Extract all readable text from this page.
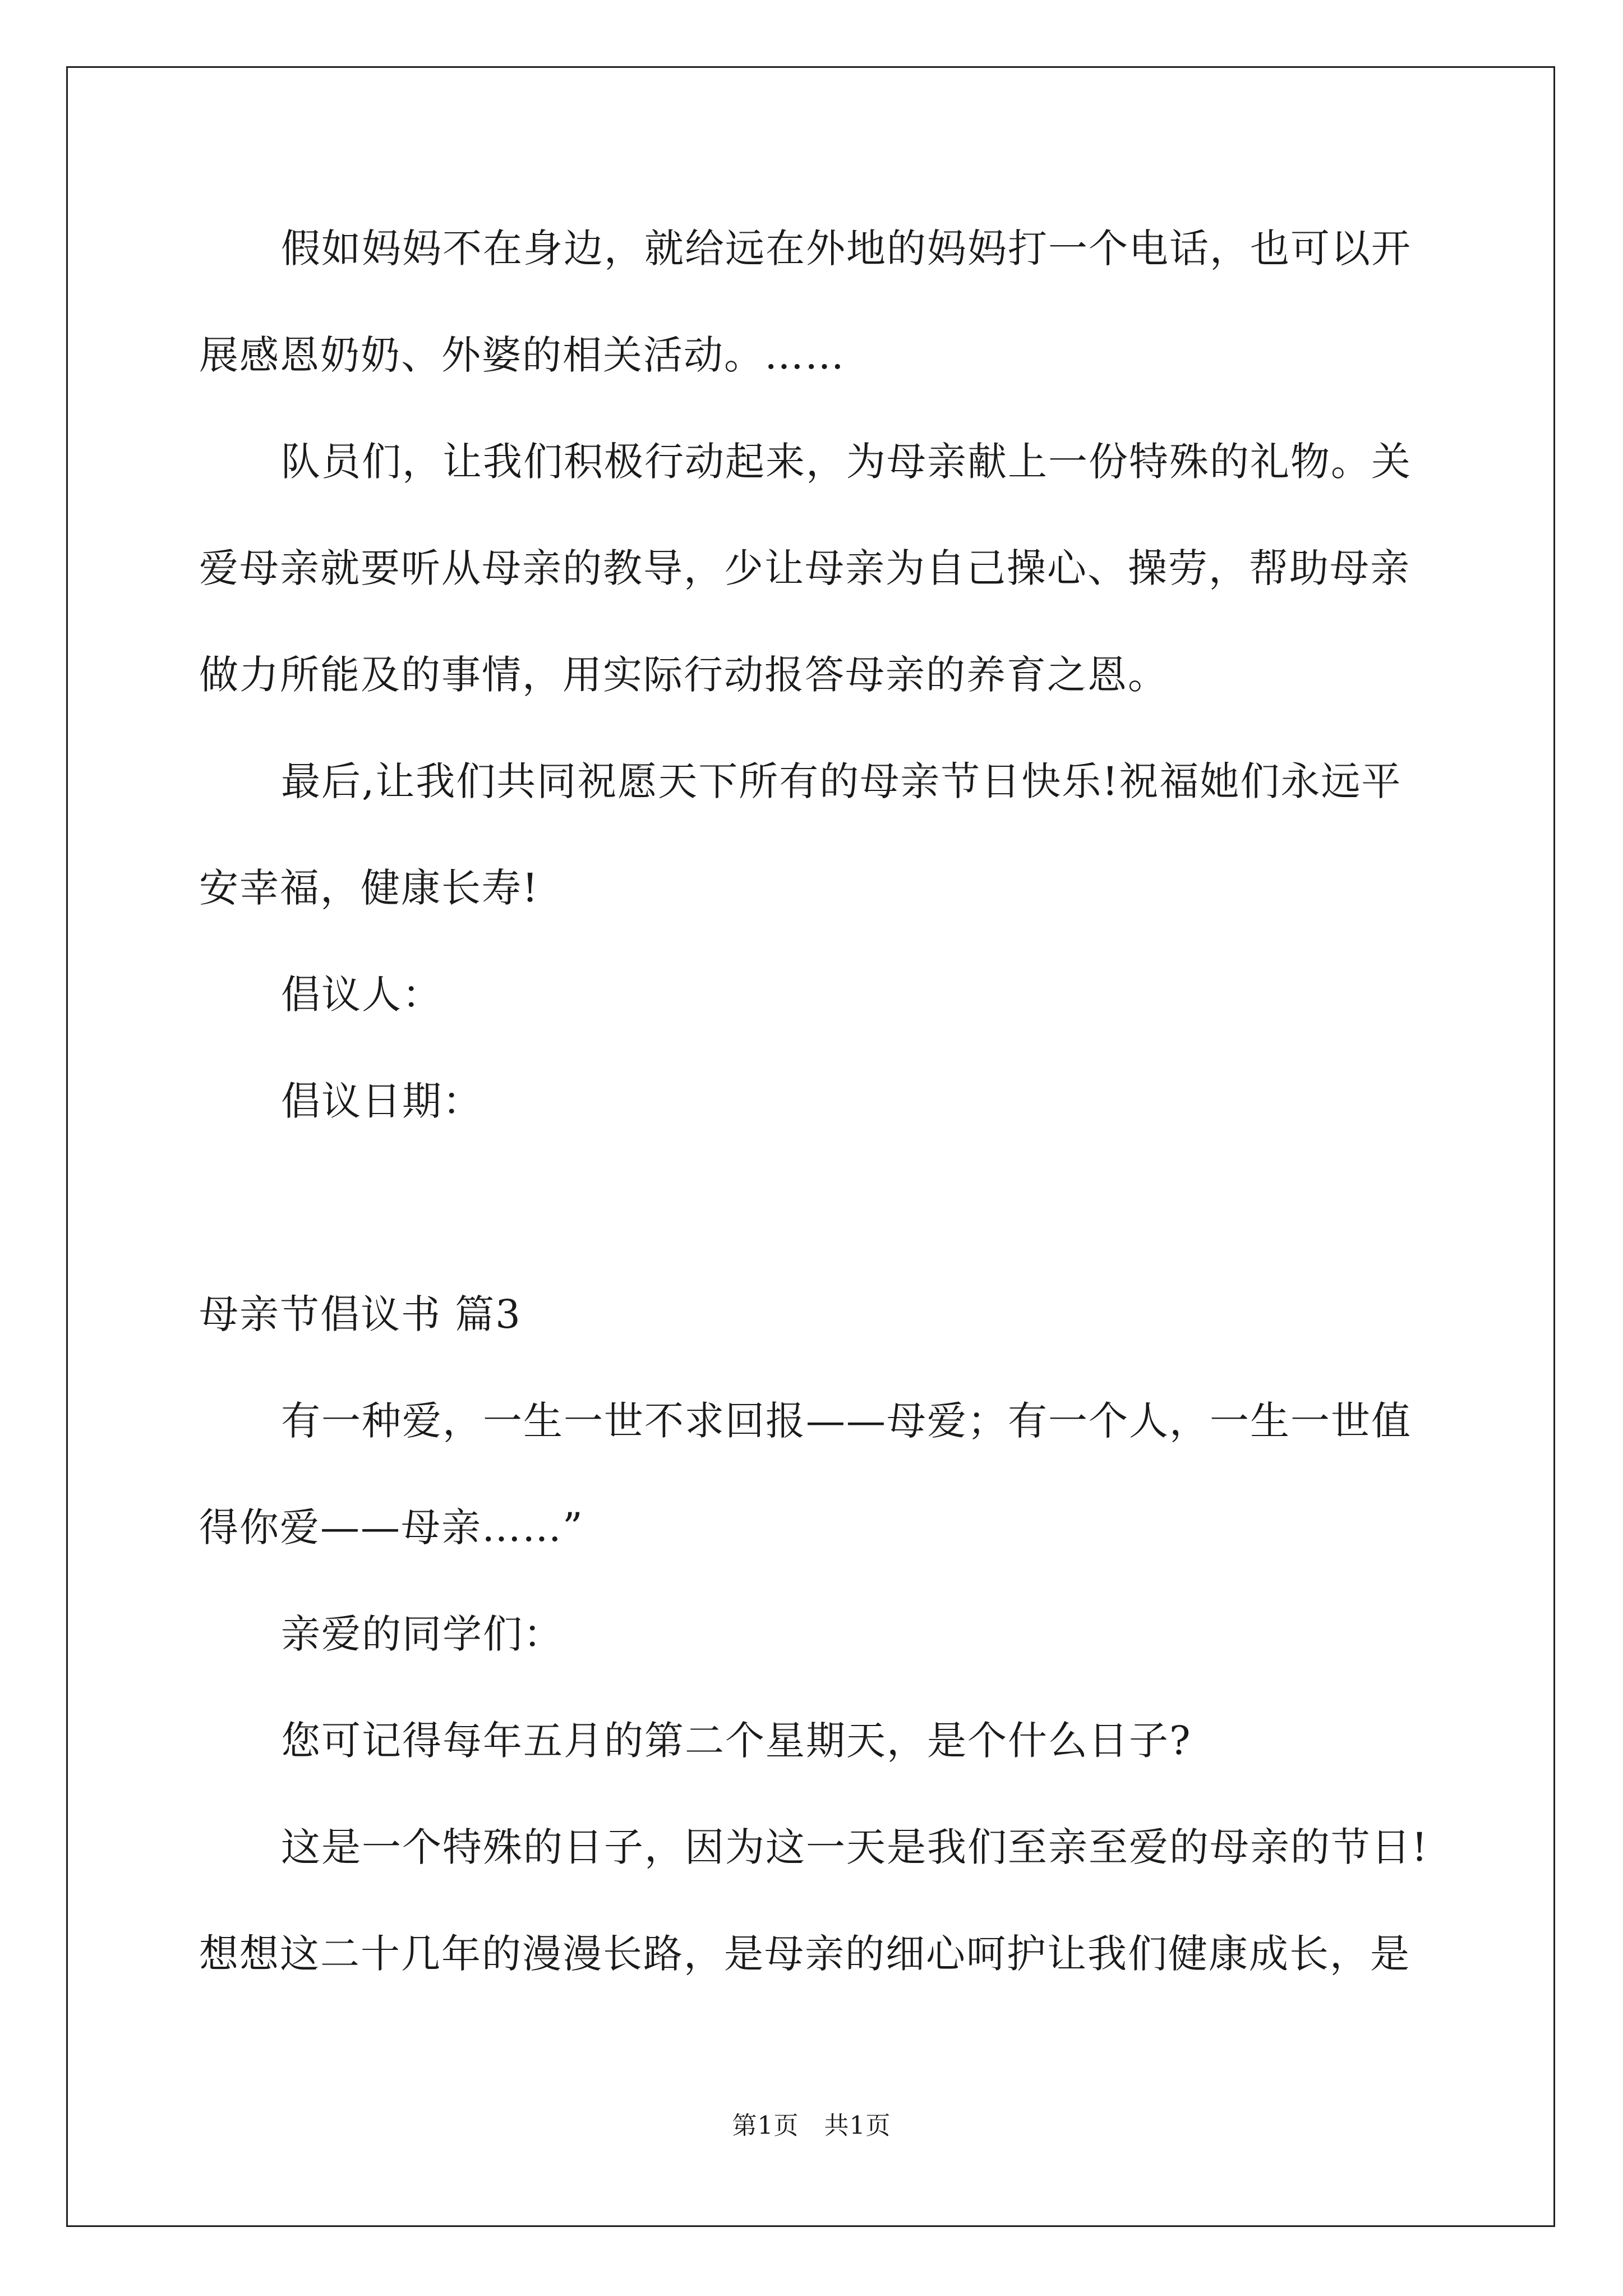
假如妈妈不在身边，就给远在外地的妈妈打一个电话，也可以开
展感恩奶奶、外婆的相关活动。……
队员们，让我们积极行动起来，为母亲献上一份特殊的礼物。关
爱母亲就要听从母亲的教导，少让母亲为自己操心、操劳，帮助母亲
做力所能及的事情，用实际行动报答母亲的养育之恩。
最后,让我们共同祝愿天下所有的母亲节日快乐!祝福她们永远平
安幸福，健康长寿!
倡议人：
倡议日期：
母亲节倡议书 篇3
有一种爱，一生一世不求回报——母爱；有一个人，一生一世值
得你爱——母亲……”
亲爱的同学们：
您可记得每年五月的第二个星期天，是个什么日子?
这是一个特殊的日子，因为这一天是我们至亲至爱的母亲的节日!
想想这二十几年的漫漫长路，是母亲的细心呵护让我们健康成长，是
第1页　共1页
